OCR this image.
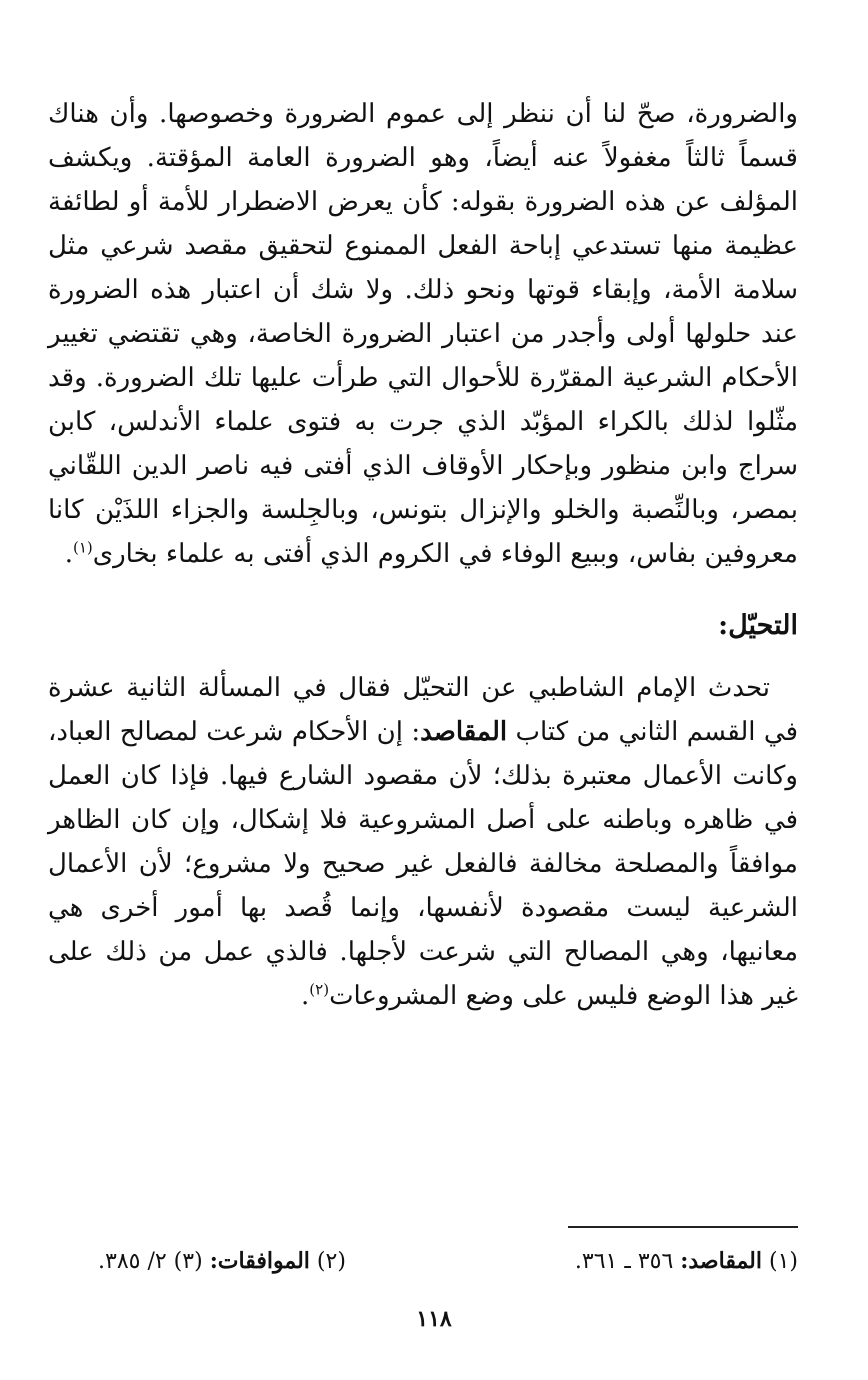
والضرورة، صحّ لنا أن ننظر إلى عموم الضرورة وخصوصها. وأن هناك قسماً ثالثاً مغفولاً عنه أيضاً، وهو الضرورة العامة المؤقتة. ويكشف المؤلف عن هذه الضرورة بقوله: كأن يعرض الاضطرار للأمة أو لطائفة عظيمة منها تستدعي إباحة الفعل الممنوع لتحقيق مقصد شرعي مثل سلامة الأمة، وإبقاء قوتها ونحو ذلك. ولا شك أن اعتبار هذه الضرورة عند حلولها أولى وأجدر من اعتبار الضرورة الخاصة، وهي تقتضي تغيير الأحكام الشرعية المقرّرة للأحوال التي طرأت عليها تلك الضرورة. وقد مثّلوا لذلك بالكراء المؤبّد الذي جرت به فتوى علماء الأندلس، كابن سراج وابن منظور وبإحكار الأوقاف الذي أفتى فيه ناصر الدين اللقّاني بمصر، وبالنِّصبة والخلو والإنزال بتونس، وبالجِلسة والجزاء اللذَيْن كانا معروفين بفاس، وببيع الوفاء في الكروم الذي أفتى به علماء بخارى$^{(١)}$.

التحيّل:

تحدث الإمام الشاطبي عن التحيّل فقال في المسألة الثانية عشرة في القسم الثاني من كتاب المقاصد: إن الأحكام شرعت لمصالح العباد، وكانت الأعمال معتبرة بذلك؛ لأن مقصود الشارع فيها. فإذا كان العمل في ظاهره وباطنه على أصل المشروعية فلا إشكال، وإن كان الظاهر موافقاً والمصلحة مخالفة فالفعل غير صحيح ولا مشروع؛ لأن الأعمال الشرعية ليست مقصودة لأنفسها، وإنما قُصد بها أمور أخرى هي معانيها، وهي المصالح التي شرعت لأجلها. فالذي عمل من ذلك على غير هذا الوضع فليس على وضع المشروعات$^{(٢)}$.

(١) المقاصد: ٣٥٦ ـ ٣٦١.
(٢) الموافقات: (٣) ٢/ ٣٨٥.
١١٨
